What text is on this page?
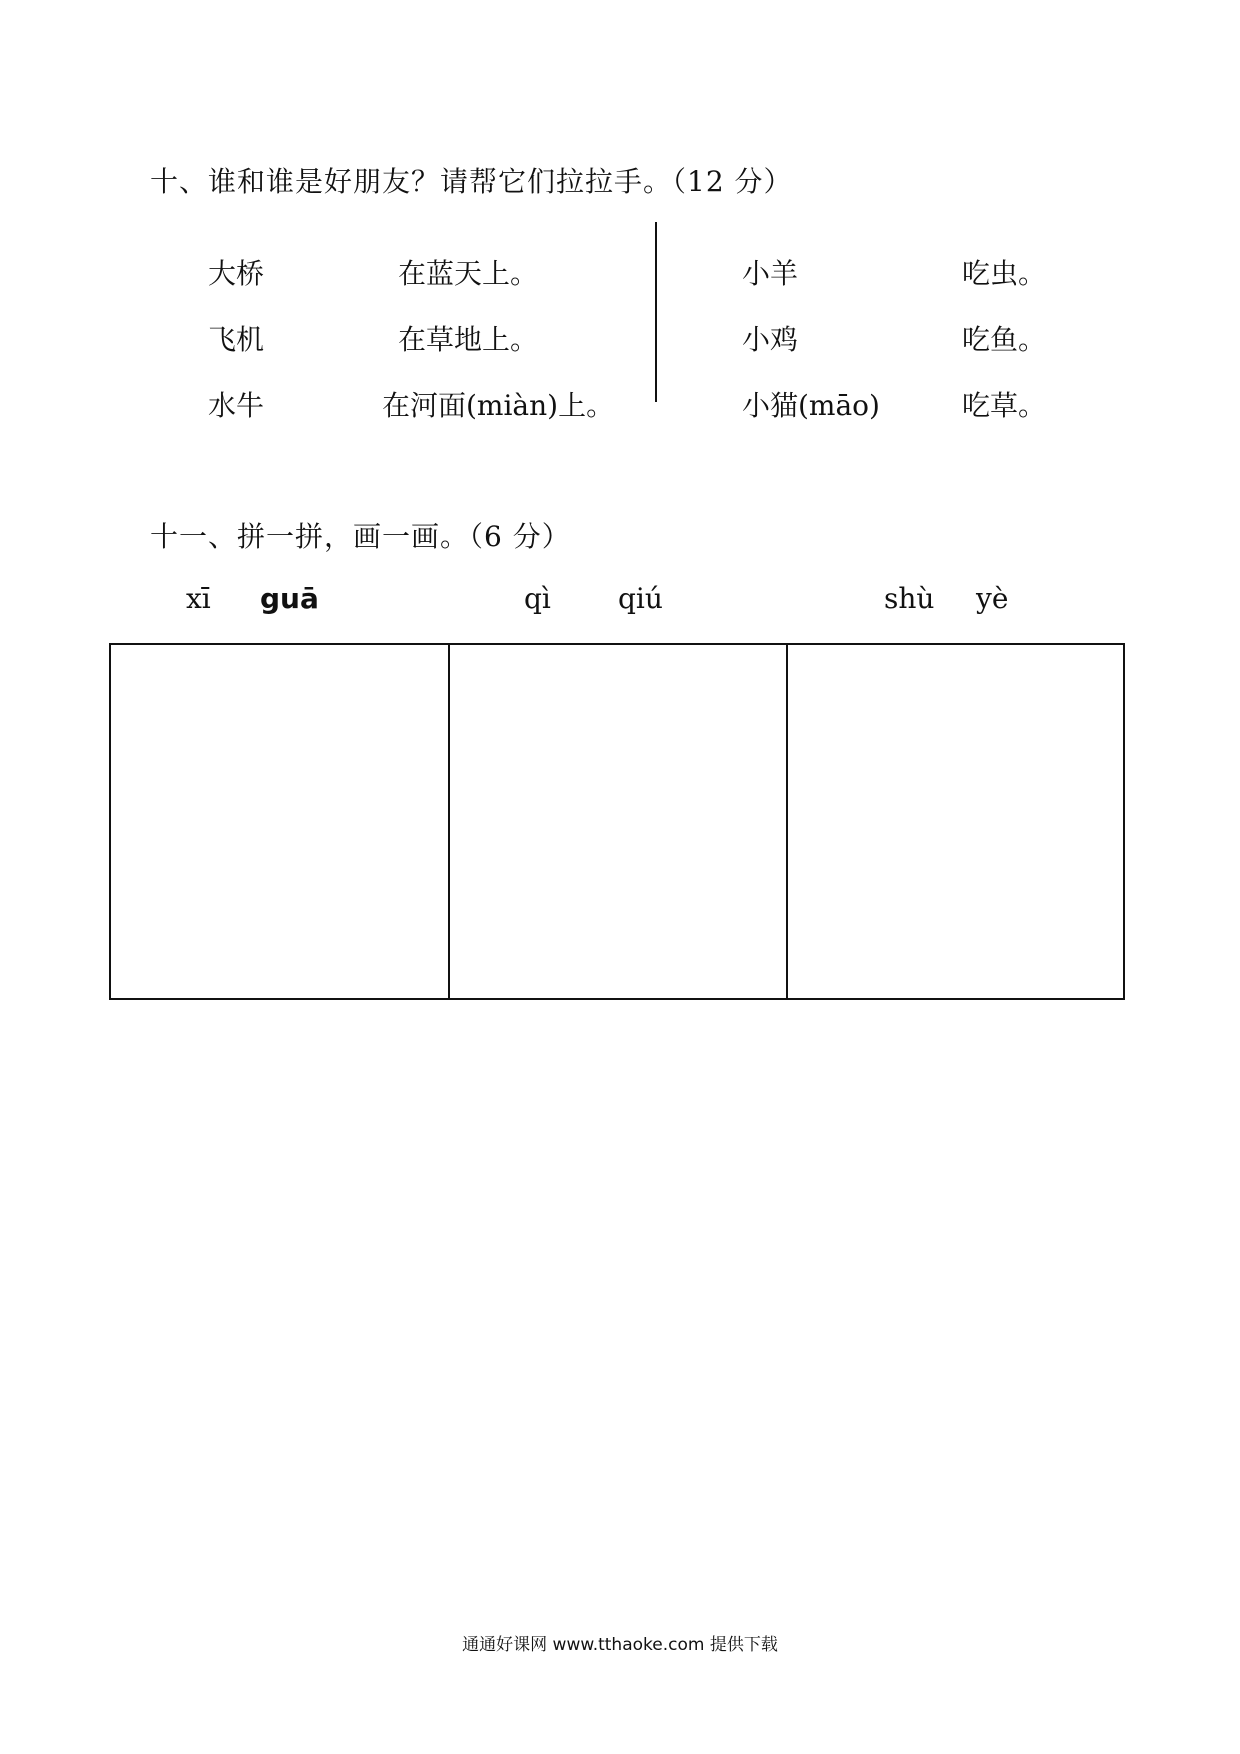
十、谁和谁是好朋友？请帮它们拉拉手。（12 分）
大桥
飞机
水牛
在蓝天上。
在草地上。
在河面(miàn)上。
小羊
小鸡
小猫(māo)
吃虫。
吃鱼。
吃草。
十一、拼一拼，画一画。（6 分）
xī guā	qì qiú	shù yè
通通好课网 www.tthaoke.com 提供下载
